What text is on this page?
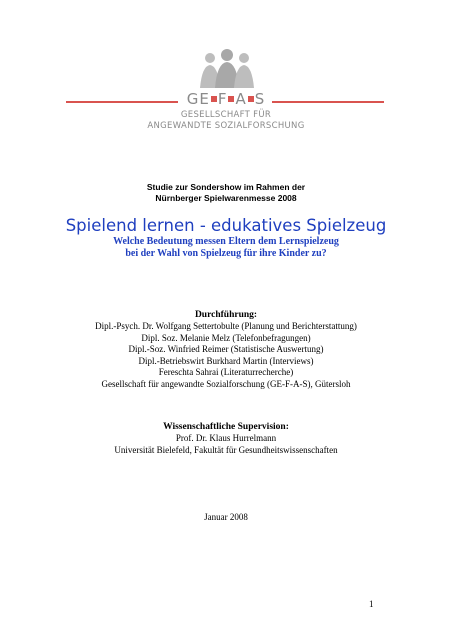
GE F A S
GESELLSCHAFT FÜR
ANGEWANDTE SOZIALFORSCHUNG
Studie zur Sondershow im Rahmen der
Nürnberger Spielwarenmesse 2008
Spielend lernen - edukatives Spielzeug
Welche Bedeutung messen Eltern dem Lernspielzeug
bei der Wahl von Spielzeug für ihre Kinder zu?
Durchführung:
Dipl.-Psych. Dr. Wolfgang Settertobulte (Planung und Berichterstattung)
Dipl. Soz. Melanie Melz (Telefonbefragungen)
Dipl.-Soz. Winfried Reimer (Statistische Auswertung)
Dipl.-Betriebswirt Burkhard Martin (Interviews)
Fereschta Sahrai (Literaturrecherche)
Gesellschaft für angewandte Sozialforschung (GE-F-A-S), Gütersloh
Wissenschaftliche Supervision:
Prof. Dr. Klaus Hurrelmann
Universität Bielefeld, Fakultät für Gesundheitswissenschaften
Januar 2008
1
